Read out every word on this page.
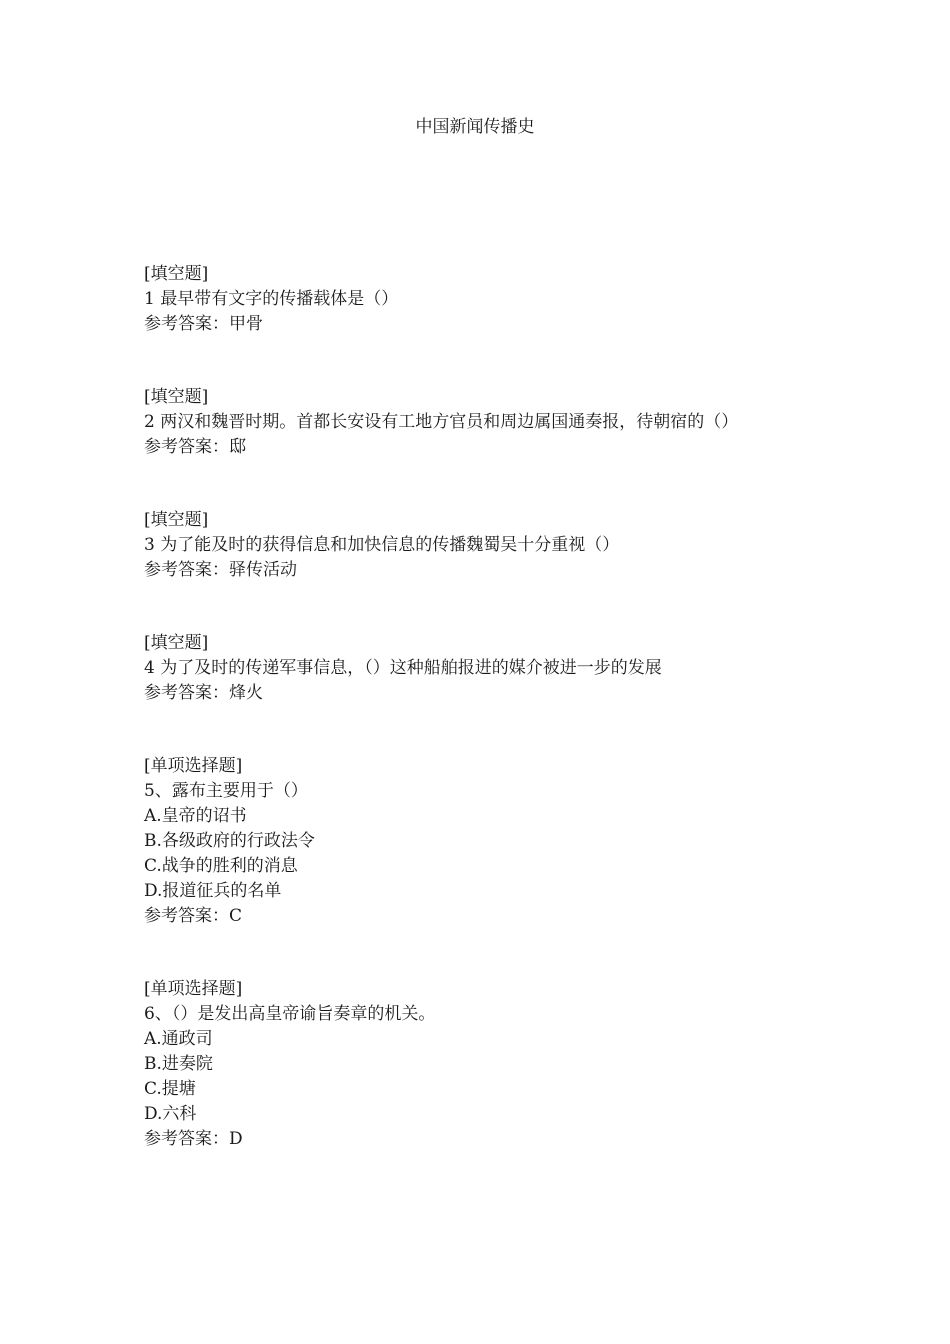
中国新闻传播史
[填空题]
1 最早带有文字的传播载体是（）
参考答案：甲骨
[填空题]
2 两汉和魏晋时期。首都长安设有工地方官员和周边属国通奏报，待朝宿的（）
参考答案：邸
[填空题]
3 为了能及时的获得信息和加快信息的传播魏蜀吴十分重视（）
参考答案：驿传活动
[填空题]
4 为了及时的传递军事信息，（）这种船舶报进的媒介被进一步的发展
参考答案：烽火
[单项选择题]
5、露布主要用于（）
A.皇帝的诏书
B.各级政府的行政法令
C.战争的胜利的消息
D.报道征兵的名单
参考答案：C
[单项选择题]
6、（）是发出高皇帝谕旨奏章的机关。
A.通政司
B.进奏院
C.提塘
D.六科
参考答案：D
